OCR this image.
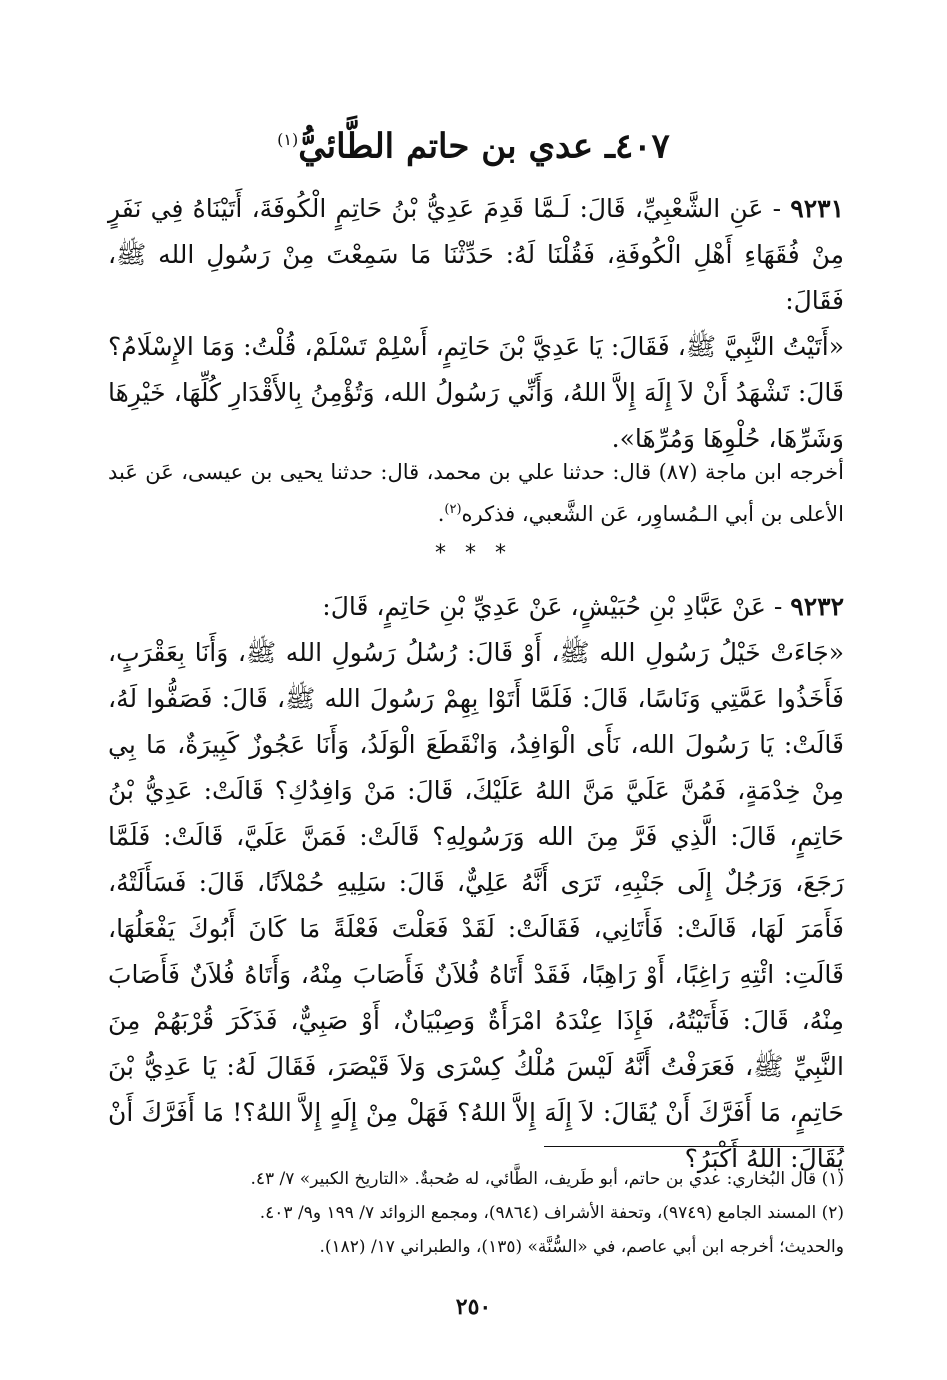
٤٠٧ـ عدي بن حاتم الطَّائيُّ$^{(١)}$

٩٢٣١ - عَنِ الشَّعْبِيِّ، قَالَ: لَـمَّا قَدِمَ عَدِيُّ بْنُ حَاتِمٍ الْكُوفَةَ، أَتَيْنَاهُ فِي نَفَرٍ مِنْ فُقَهَاءِ أَهْلِ الْكُوفَةِ، فَقُلْنَا لَهُ: حَدِّثْنَا مَا سَمِعْتَ مِنْ رَسُولِ الله ﷺ، فَقَالَ:

«أَتَيْتُ النَّبِيَّ ﷺ، فَقَالَ: يَا عَدِيَّ بْنَ حَاتِمٍ، أَسْلِمْ تَسْلَمْ، قُلْتُ: وَمَا الإِسْلَامُ؟ قَالَ: تَشْهَدُ أَنْ لاَ إِلَهَ إِلاَّ اللهُ، وَأَنِّي رَسُولُ الله، وَتُؤْمِنُ بِالأَقْدَارِ كُلِّهَا، خَيْرِهَا وَشَرِّهَا، حُلْوِهَا وَمُرِّهَا».

أخرجه ابن ماجة (٨٧) قال: حدثنا علي بن محمد، قال: حدثنا يحيى بن عيسى، عَن عَبد الأعلى بن أبي الـمُساوِر، عَن الشَّعبي، فذكره$^{(٢)}$.
* * *

٩٢٣٢ - عَنْ عَبَّادِ بْنِ حُبَيْشٍ، عَنْ عَدِيِّ بْنِ حَاتِمٍ، قَالَ:

«جَاءَتْ خَيْلُ رَسُولِ الله ﷺ، أَوْ قَالَ: رُسُلُ رَسُولِ الله ﷺ، وَأَنَا بِعَقْرَبٍ، فَأَخَذُوا عَمَّتِي وَنَاسًا، قَالَ: فَلَمَّا أَتَوْا بِهِمْ رَسُولَ الله ﷺ، قَالَ: فَصَفُّوا لَهُ، قَالَتْ: يَا رَسُولَ الله، نَأَى الْوَافِدُ، وَانْقَطَعَ الْوَلَدُ، وَأَنَا عَجُوزٌ كَبِيرَةٌ، مَا بِي مِنْ خِدْمَةٍ، فَمُنَّ عَلَيَّ مَنَّ اللهُ عَلَيْكَ، قَالَ: مَنْ وَافِدُكِ؟ قَالَتْ: عَدِيُّ بْنُ حَاتِمٍ، قَالَ: الَّذِي فَرَّ مِنَ الله وَرَسُولِهِ؟ قَالَتْ: فَمَنَّ عَلَيَّ، قَالَتْ: فَلَمَّا رَجَعَ، وَرَجُلٌ إِلَى جَنْبِهِ، تَرَى أَنَّهُ عَلِيٌّ، قَالَ: سَلِيهِ حُمْلاَنًا، قَالَ: فَسَأَلَتْهُ، فَأَمَرَ لَهَا، قَالَتْ: فَأَتَانِي، فَقَالَتْ: لَقَدْ فَعَلْتَ فَعْلَةً مَا كَانَ أَبُوكَ يَفْعَلُهَا، قَالَتِ: ائْتِهِ رَاغِبًا، أَوْ رَاهِبًا، فَقَدْ أَتَاهُ فُلاَنٌ فَأَصَابَ مِنْهُ، وَأَتَاهُ فُلاَنٌ فَأَصَابَ مِنْهُ، قَالَ: فَأَتَيْتُهُ، فَإِذَا عِنْدَهُ امْرَأَةٌ وَصِبْيَانٌ، أَوْ صَبِيٌّ، فَذَكَرَ قُرْبَهُمْ مِنَ النَّبِيِّ ﷺ، فَعَرَفْتُ أَنَّهُ لَيْسَ مُلْكُ كِسْرَى وَلاَ قَيْصَرَ، فَقَالَ لَهُ: يَا عَدِيُّ بْنَ حَاتِمٍ، مَا أَفَرَّكَ أَنْ يُقَالَ: لاَ إِلَهَ إِلاَّ اللهُ؟ فَهَلْ مِنْ إِلَهٍ إِلاَّ اللهُ؟! مَا أَفَرَّكَ أَنْ يُقَالَ: اللهُ أَكْبَرُ؟

(١) قال البُخاري: عدي بن حاتم، أبو طَريف، الطَّائي، له صُحبةٌ. «التاريخ الكبير» ٧/ ٤٣.

(٢) المسند الجامع (٩٧٤٩)، وتحفة الأشراف (٩٨٦٤)، ومجمع الزوائد ٧/ ١٩٩ و٩/ ٤٠٣.

والحديث؛ أخرجه ابن أبي عاصم، في «السُّنَّة» (١٣٥)، والطبراني ١٧/ (١٨٢).

٢٥٠
